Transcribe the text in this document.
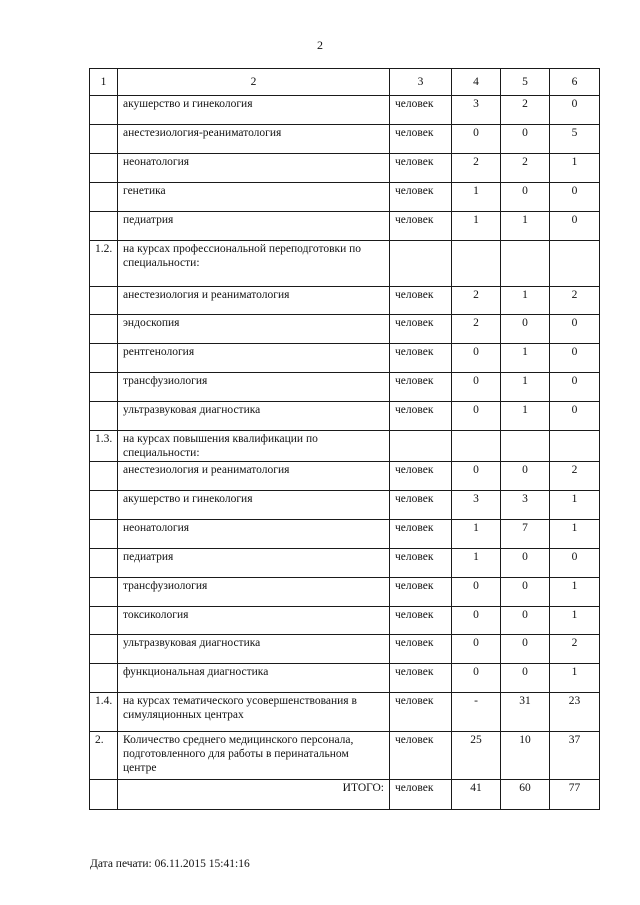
2
1	2	3	4	5	6
	акушерство и гинекология	человек	3	2	0
	анестезиология-реаниматология	человек	0	0	5
	неонатология	человек	2	2	1
	генетика	человек	1	0	0
	педиатрия	человек	1	1	0
1.2.	на курсах профессиональной переподготовки по специальности:				
	анестезиология и реаниматология	человек	2	1	2
	эндоскопия	человек	2	0	0
	рентгенология	человек	0	1	0
	трансфузиология	человек	0	1	0
	ультразвуковая диагностика	человек	0	1	0
1.3.	на курсах повышения квалификации по специальности:				
	анестезиология и реаниматология	человек	0	0	2
	акушерство и гинекология	человек	3	3	1
	неонатология	человек	1	7	1
	педиатрия	человек	1	0	0
	трансфузиология	человек	0	0	1
	токсикология	человек	0	0	1
	ультразвуковая диагностика	человек	0	0	2
	функциональная диагностика	человек	0	0	1
1.4.	на курсах тематического усовершенствования в симуляционных центрах	человек	-	31	23
2.	Количество среднего медицинского персонала, подготовленного для работы в перинатальном центре	человек	25	10	37
	ИТОГО:	человек	41	60	77
Дата печати: 06.11.2015 15:41:16
